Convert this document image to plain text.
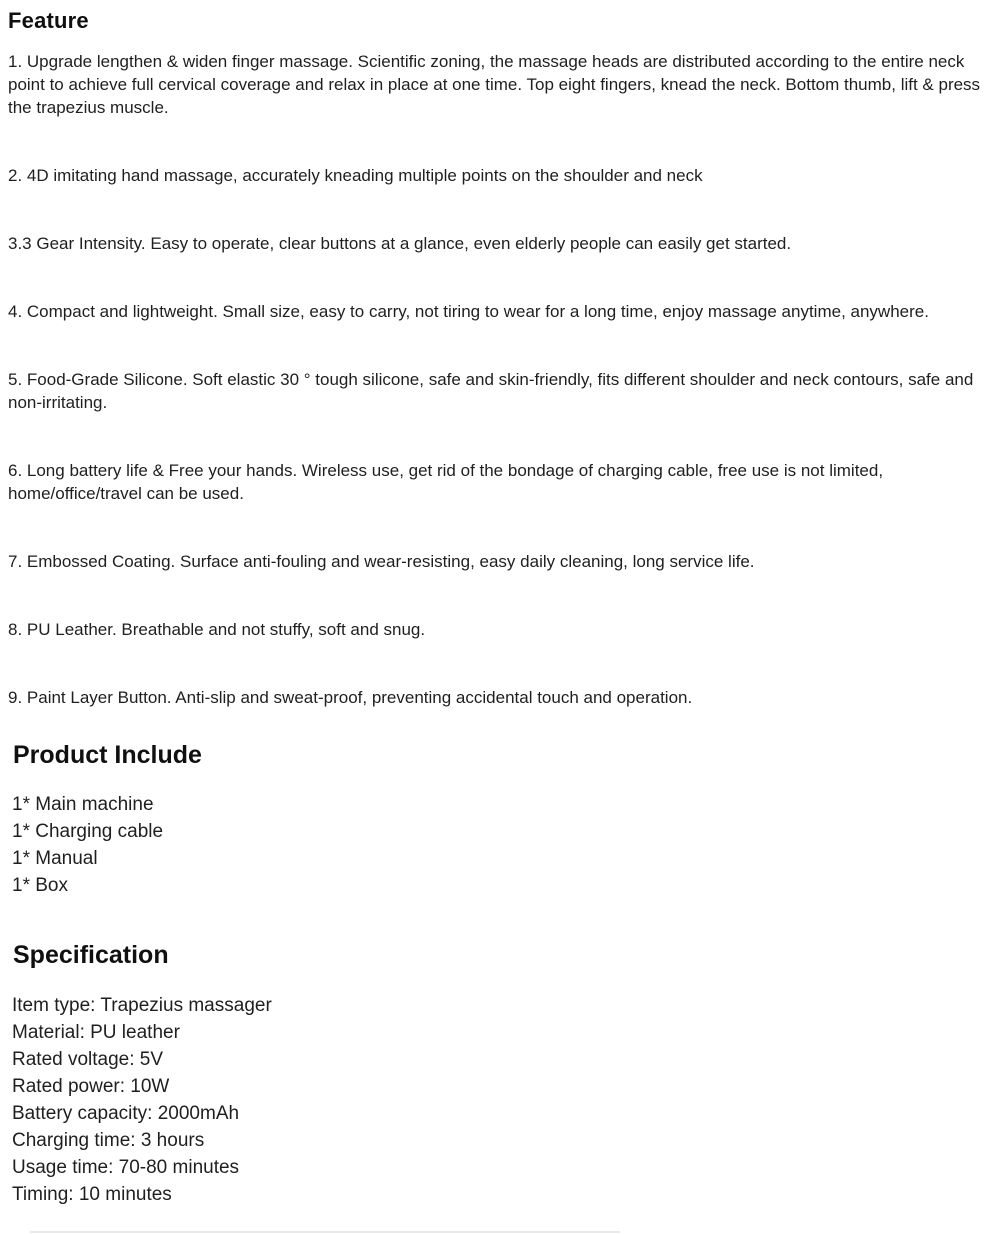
Feature

1. Upgrade lengthen & widen finger massage. Scientific zoning, the massage heads are distributed according to the entire neck point to achieve full cervical coverage and relax in place at one time. Top eight fingers, knead the neck. Bottom thumb, lift & press the trapezius muscle.

2. 4D imitating hand massage, accurately kneading multiple points on the shoulder and neck

3.3 Gear Intensity. Easy to operate, clear buttons at a glance, even elderly people can easily get started.

4. Compact and lightweight. Small size, easy to carry, not tiring to wear for a long time, enjoy massage anytime, anywhere.

5. Food-Grade Silicone. Soft elastic 30 ° tough silicone, safe and skin-friendly, fits different shoulder and neck contours, safe and non-irritating.

6. Long battery life & Free your hands. Wireless use, get rid of the bondage of charging cable, free use is not limited, home/office/travel can be used.

7. Embossed Coating. Surface anti-fouling and wear-resisting, easy daily cleaning, long service life.

8. PU Leather. Breathable and not stuffy, soft and snug.

9. Paint Layer Button. Anti-slip and sweat-proof, preventing accidental touch and operation.

Product Include
1* Main machine
1* Charging cable
1* Manual
1* Box
Specification
Item type: Trapezius massager
Material: PU leather
Rated voltage: 5V
Rated power: 10W
Battery capacity: 2000mAh
Charging time: 3 hours
Usage time: 70-80 minutes
Timing: 10 minutes
